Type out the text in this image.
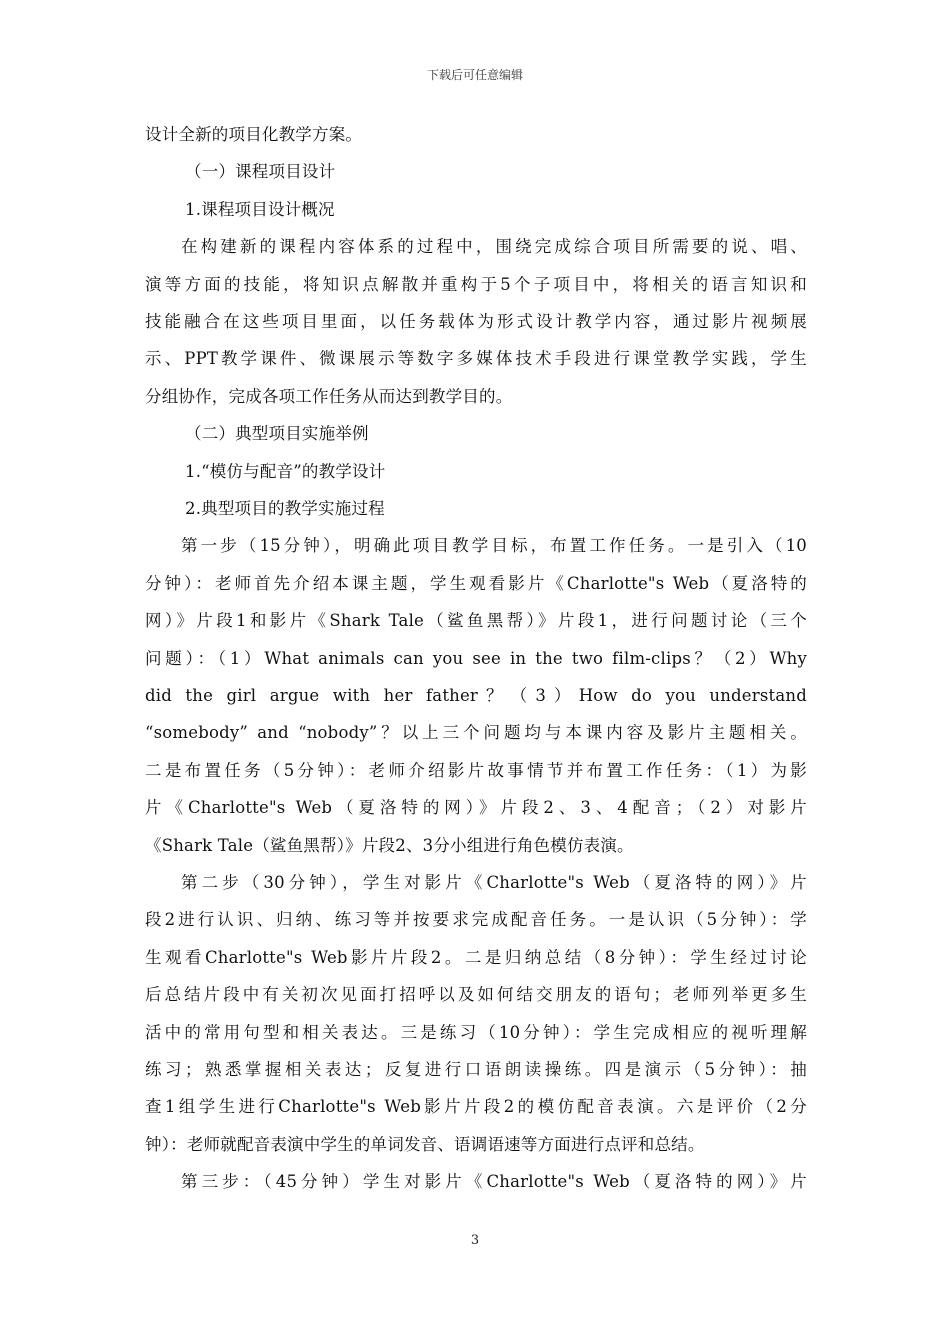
下载后可任意编辑
设计全新的项目化教学方案。
（一）课程项目设计
1.课程项目设计概况
在构建新的课程内容体系的过程中，围绕完成综合项目所需要的说、唱、
演等方面的技能，将知识点解散并重构于5个子项目中，将相关的语言知识和
技能融合在这些项目里面，以任务载体为形式设计教学内容，通过影片视频展
示、PPT教学课件、微课展示等数字多媒体技术手段进行课堂教学实践，学生
分组协作，完成各项工作任务从而达到教学目的。
（二）典型项目实施举例
1.“模仿与配音”的教学设计
2.典型项目的教学实施过程
第一步（15分钟），明确此项目教学目标，布置工作任务。一是引入（10
分钟）：老师首先介绍本课主题，学生观看影片《Charlotte"s Web（夏洛特的
网）》片段1和影片《Shark Tale（鲨鱼黑帮）》片段1，进行问题讨论（三个
问题）：（1）What animals can you see in the two film-clips？（2）Why
did the girl argue with her father？（3）How do you understand
“somebody” and “nobody”？以上三个问题均与本课内容及影片主题相关。
二是布置任务（5分钟）：老师介绍影片故事情节并布置工作任务：（1）为影
片《Charlotte"s Web（夏洛特的网）》片段2、3、4配音；（2）对影片
《Shark Tale（鲨鱼黑帮）》片段2、3分小组进行角色模仿表演。
第二步（30分钟），学生对影片《Charlotte"s Web（夏洛特的网）》片
段2进行认识、归纳、练习等并按要求完成配音任务。一是认识（5分钟）：学
生观看Charlotte"s Web影片片段2。二是归纳总结（8分钟）：学生经过讨论
后总结片段中有关初次见面打招呼以及如何结交朋友的语句；老师列举更多生
活中的常用句型和相关表达。三是练习（10分钟）：学生完成相应的视听理解
练习；熟悉掌握相关表达；反复进行口语朗读操练。四是演示（5分钟）：抽
查1组学生进行Charlotte"s Web影片片段2的模仿配音表演。六是评价（2分
钟）：老师就配音表演中学生的单词发音、语调语速等方面进行点评和总结。
第三步：（45分钟）学生对影片《Charlotte"s Web（夏洛特的网）》片
3
